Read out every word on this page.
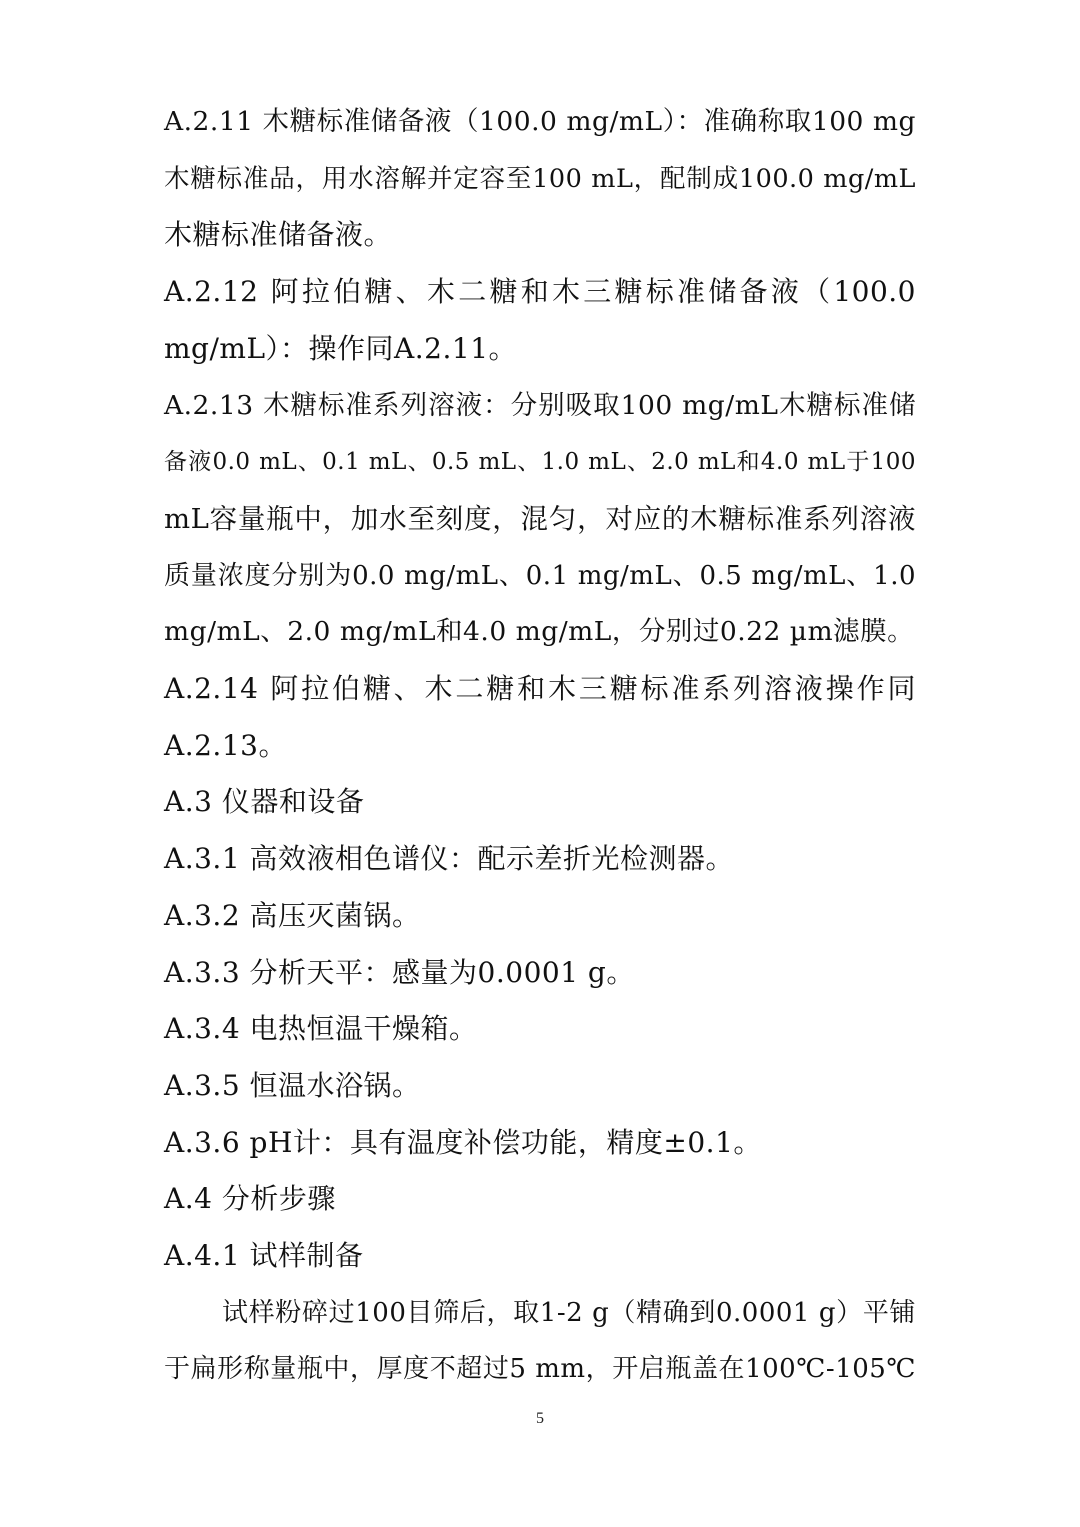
A.2.11 木糖标准储备液（100.0 mg/mL）：准确称取100 mg
木糖标准品，用水溶解并定容至100 mL，配制成100.0 mg/mL
木糖标准储备液。

A.2.12 阿拉伯糖、木二糖和木三糖标准储备液（100.0
mg/mL）：操作同A.2.11。

A.2.13 木糖标准系列溶液：分别吸取100 mg/mL木糖标准储
备液0.0 mL、0.1 mL、0.5 mL、1.0 mL、2.0 mL和4.0 mL于100
mL容量瓶中，加水至刻度，混匀，对应的木糖标准系列溶液
质量浓度分别为0.0 mg/mL、0.1 mg/mL、0.5 mg/mL、1.0
mg/mL、2.0 mg/mL和4.0 mg/mL，分别过0.22 µm滤膜。

A.2.14 阿拉伯糖、木二糖和木三糖标准系列溶液操作同
A.2.13。

A.3 仪器和设备

A.3.1 高效液相色谱仪：配示差折光检测器。

A.3.2 高压灭菌锅。

A.3.3 分析天平：感量为0.0001 g。

A.3.4 电热恒温干燥箱。

A.3.5 恒温水浴锅。

A.3.6 pH计：具有温度补偿功能，精度±0.1。

A.4 分析步骤

A.4.1 试样制备

试样粉碎过100目筛后，取1-2 g（精确到0.0001 g）平铺
于扁形称量瓶中，厚度不超过5 mm，开启瓶盖在100℃-105℃

5
